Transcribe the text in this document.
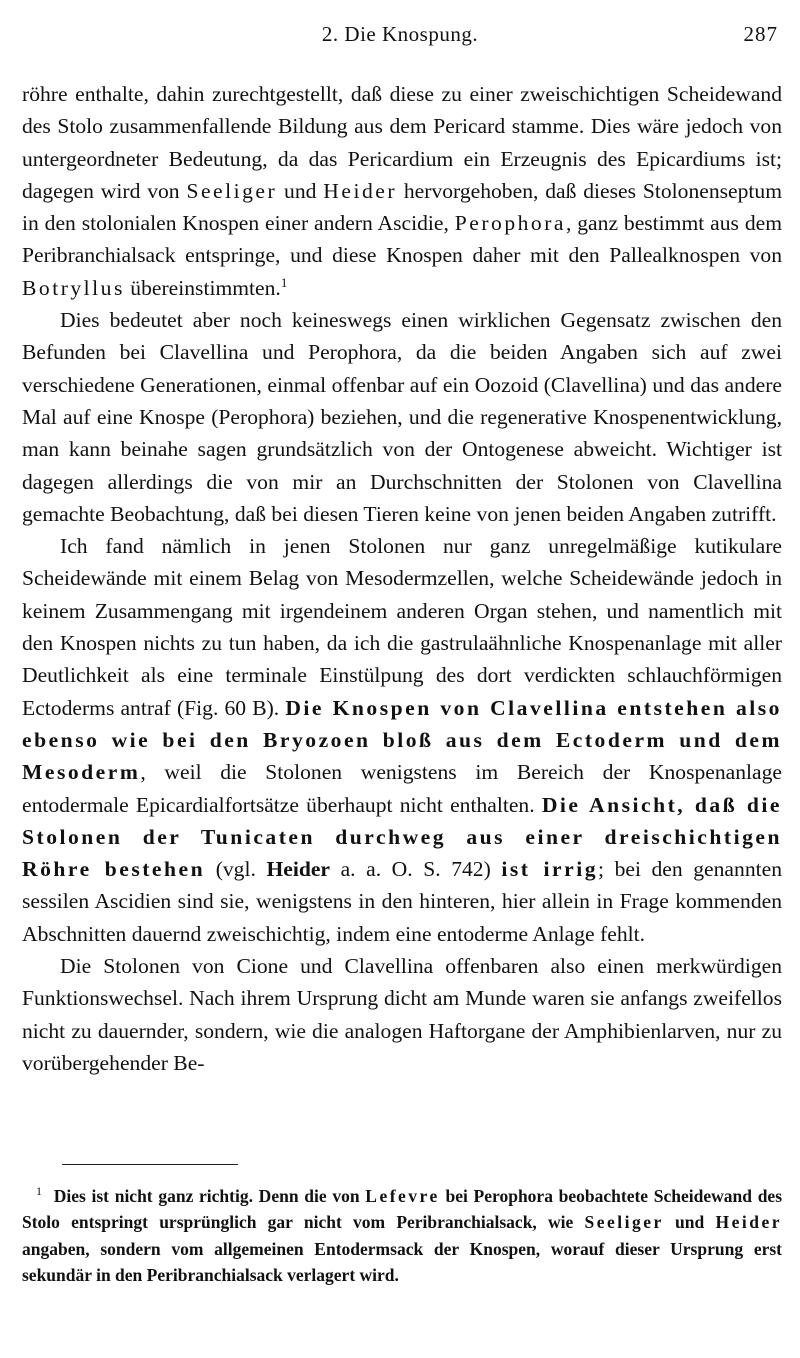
2. Die Knospung.	287

röhre enthalte, dahin zurechtgestellt, daß diese zu einer zweischichtigen Scheidewand des Stolo zusammenfallende Bildung aus dem Pericard stamme. Dies wäre jedoch von untergeordneter Bedeutung, da das Pericardium ein Erzeugnis des Epicardiums ist; dagegen wird von Seeliger und Heider hervorgehoben, daß dieses Stolonenseptum in den stolonialen Knospen einer andern Ascidie, Perophora, ganz bestimmt aus dem Peribranchialsack entspringe, und diese Knospen daher mit den Pallealknospen von Botryllus übereinstimmten.$^1$

Dies bedeutet aber noch keineswegs einen wirklichen Gegensatz zwischen den Befunden bei Clavellina und Perophora, da die beiden Angaben sich auf zwei verschiedene Generationen, einmal offenbar auf ein Oozoid (Clavellina) und das andere Mal auf eine Knospe (Perophora) beziehen, und die regenerative Knospenentwicklung, man kann beinahe sagen grundsätzlich von der Ontogenese abweicht. Wichtiger ist dagegen allerdings die von mir an Durchschnitten der Stolonen von Clavellina gemachte Beobachtung, daß bei diesen Tieren keine von jenen beiden Angaben zutrifft.

Ich fand nämlich in jenen Stolonen nur ganz unregelmäßige kutikulare Scheidewände mit einem Belag von Mesodermzellen, welche Scheidewände jedoch in keinem Zusammengang mit irgendeinem anderen Organ stehen, und namentlich mit den Knospen nichts zu tun haben, da ich die gastrulaähnliche Knospenanlage mit aller Deutlichkeit als eine terminale Einstülpung des dort verdickten schlauchförmigen Ectoderms antraf (Fig. 60 B). Die Knospen von Clavellina entstehen also ebenso wie bei den Bryozoen bloß aus dem Ectoderm und dem Mesoderm, weil die Stolonen wenigstens im Bereich der Knospenanlage entodermale Epicardialfortsätze überhaupt nicht enthalten. Die Ansicht, daß die Stolonen der Tunicaten durchweg aus einer dreischichtigen Röhre bestehen (vgl. Heider a. a. O. S. 742) ist irrig; bei den genannten sessilen Ascidien sind sie, wenigstens in den hinteren, hier allein in Frage kommenden Abschnitten dauernd zweischichtig, indem eine entoderme Anlage fehlt.

Die Stolonen von Cione und Clavellina offenbaren also einen merkwürdigen Funktionswechsel. Nach ihrem Ursprung dicht am Munde waren sie anfangs zweifellos nicht zu dauernder, sondern, wie die analogen Haftorgane der Amphibienlarven, nur zu vorübergehender Be-

$^1$ Dies ist nicht ganz richtig. Denn die von Lefevre bei Perophora beobachtete Scheidewand des Stolo entspringt ursprünglich gar nicht vom Peribranchialsack, wie Seeliger und Heider angaben, sondern vom allgemeinen Entodermsack der Knospen, worauf dieser Ursprung erst sekundär in den Peribranchialsack verlagert wird.
